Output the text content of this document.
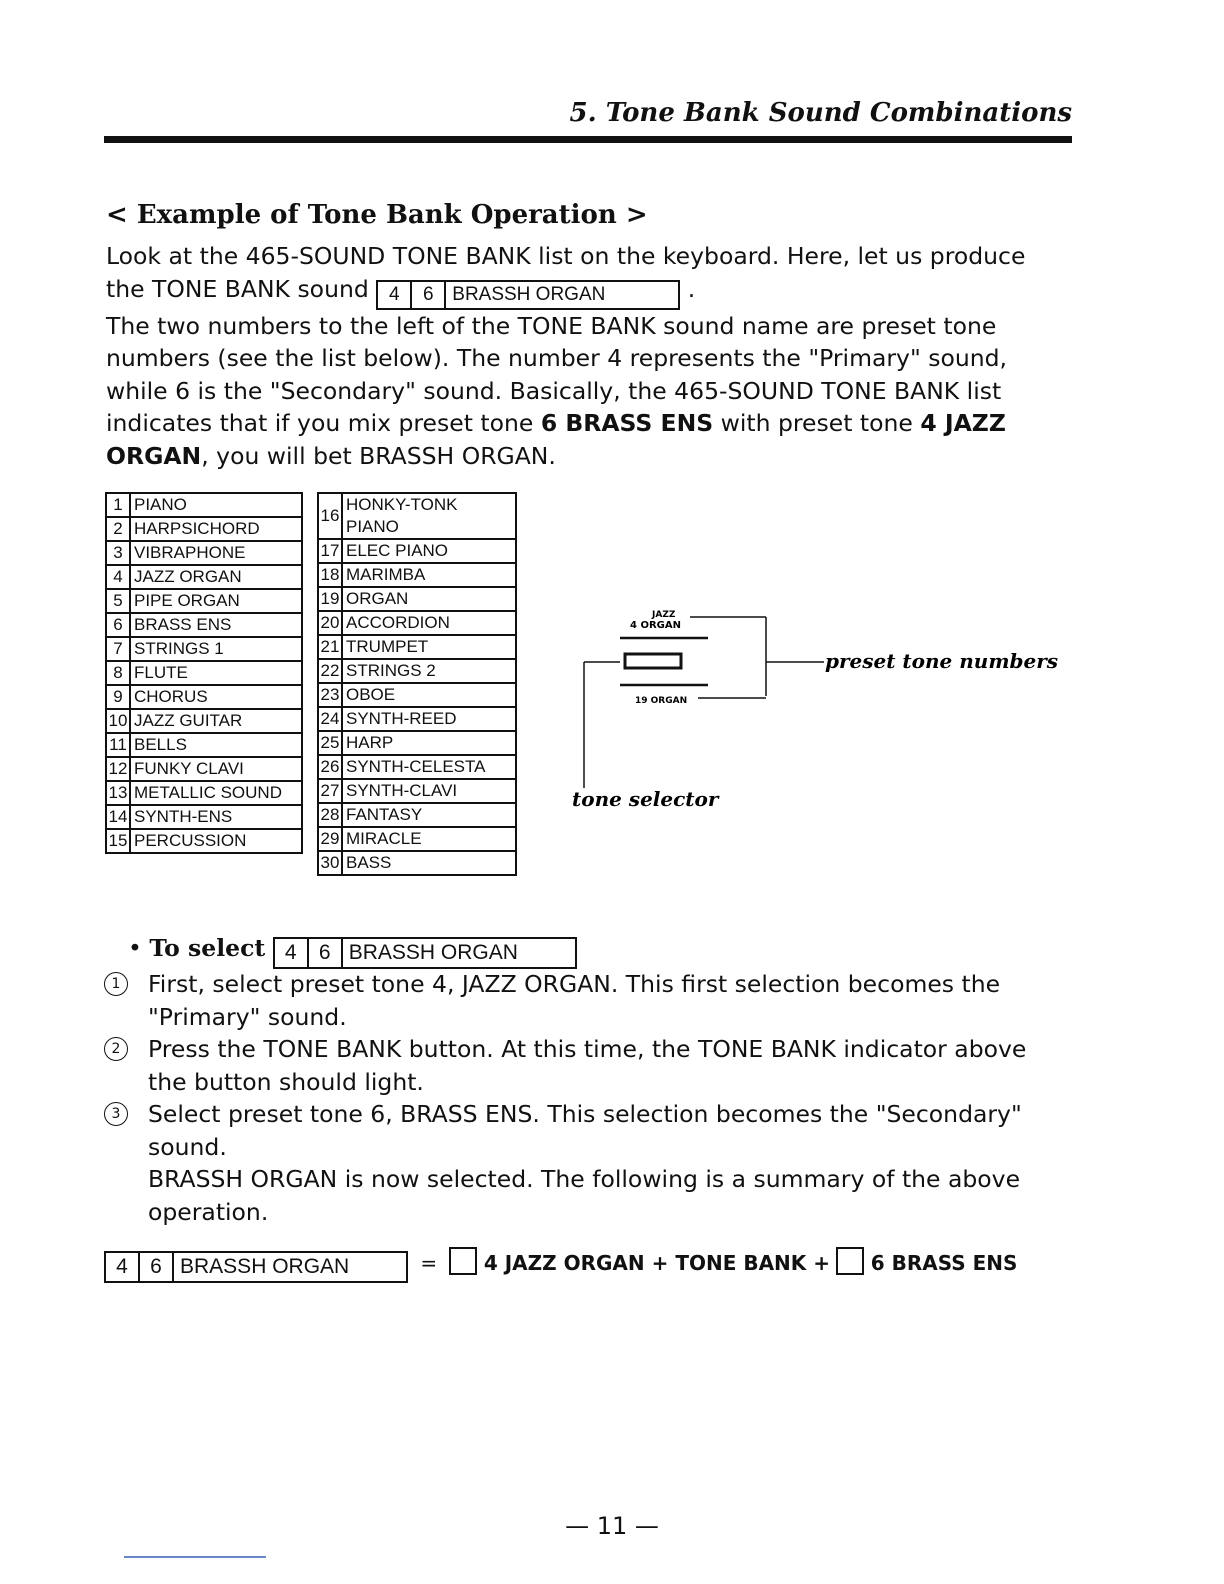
5. Tone Bank Sound Combinations
< Example of Tone Bank Operation >
Look at the 465-SOUND TONE BANK list on the keyboard. Here, let us produce
the TONE BANK sound 4 6 BRASSH ORGAN	.
The two numbers to the left of the TONE BANK sound name are preset tone
numbers (see the list below). The number 4 represents the "Primary" sound,
while 6 is the "Secondary" sound. Basically, the 465-SOUND TONE BANK list
indicates that if you mix preset tone 6 BRASS ENS with preset tone 4 JAZZ
ORGAN, you will bet BRASSH ORGAN.
1	PIANO
2	HARPSICHORD
3	VIBRAPHONE
4	JAZZ ORGAN
5	PIPE ORGAN
6	BRASS ENS
7	STRINGS 1
8	FLUTE
9	CHORUS
10	JAZZ GUITAR
11	BELLS
12	FUNKY CLAVI
13	METALLIC SOUND
14	SYNTH-ENS
15	PERCUSSION
16	HONKY-TONK PIANO
17	ELEC PIANO
18	MARIMBA
19	ORGAN
20	ACCORDION
21	TRUMPET
22	STRINGS 2
23	OBOE
24	SYNTH-REED
25	HARP
26	SYNTH-CELESTA
27	SYNTH-CLAVI
28	FANTASY
29	MIRACLE
30	BASS
JAZZ
4 ORGAN
19 ORGAN
preset tone numbers
tone selector
• To select 4 6 BRASSH ORGAN
1	First, select preset tone 4, JAZZ ORGAN. This first selection becomes the "Primary" sound.
2	Press the TONE BANK button. At this time, the TONE BANK indicator above the button should light.
3	Select preset tone 6, BRASS ENS. This selection becomes the "Secondary" sound.
BRASSH ORGAN is now selected. The following is a summary of the above operation.
4 6 BRASSH ORGAN	= 4 JAZZ ORGAN + TONE BANK + 6 BRASS ENS
— 11 —
